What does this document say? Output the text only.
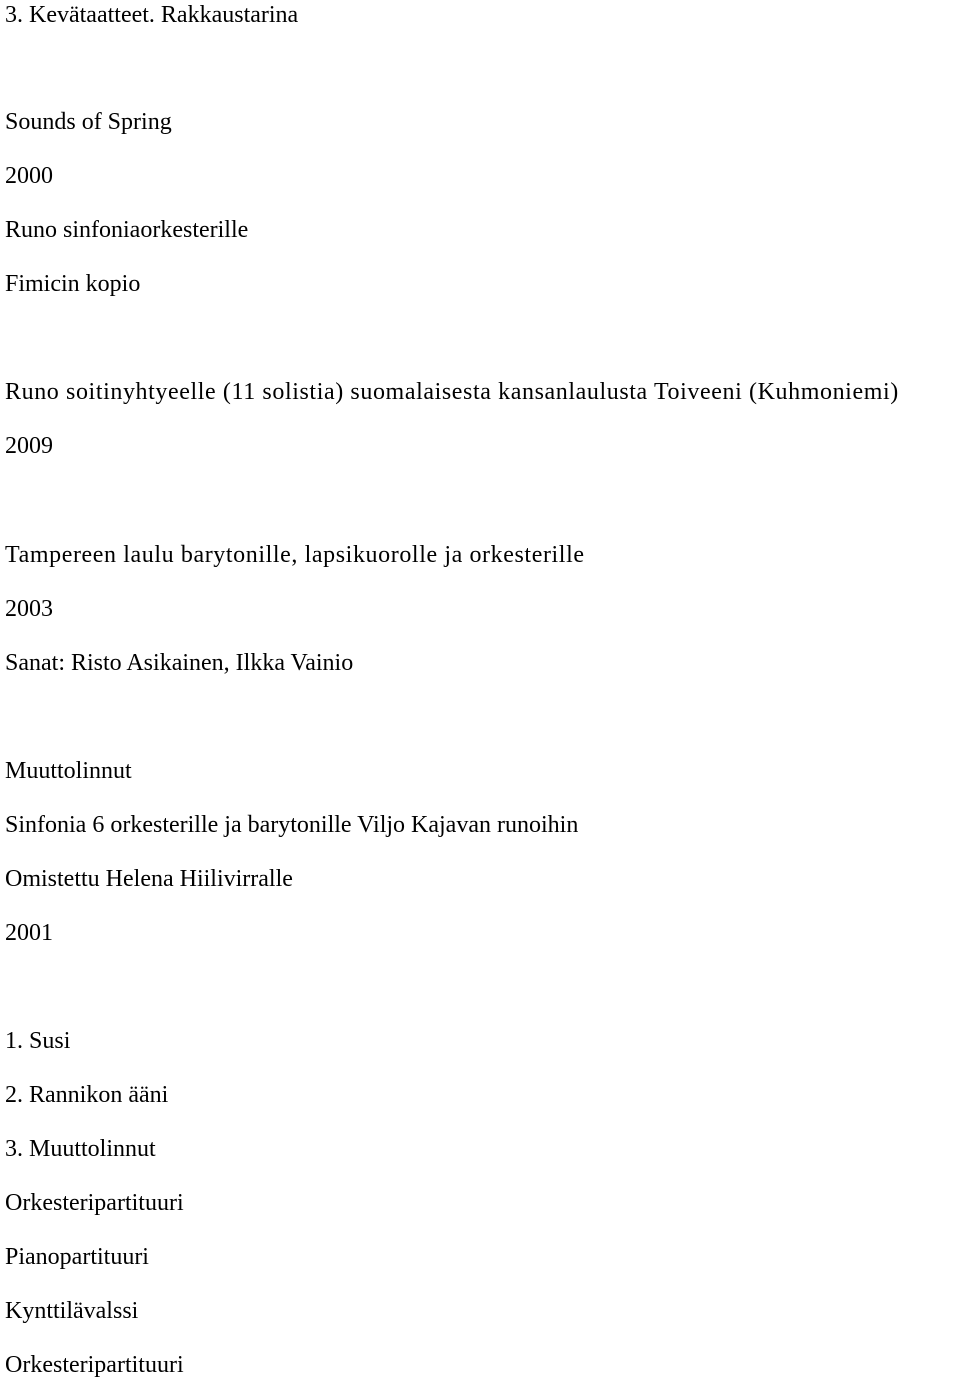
3. Kevätaatteet. Rakkaustarina

Sounds of Spring

2000

Runo sinfoniaorkesterille

Fimicin kopio

Runo soitinyhtyeelle (11 solistia) suomalaisesta kansanlaulusta Toiveeni (Kuhmoniemi)

2009

Tampereen laulu barytonille, lapsikuorolle ja orkesterille

2003

Sanat: Risto Asikainen, Ilkka Vainio

Muuttolinnut

Sinfonia 6 orkesterille ja barytonille Viljo Kajavan runoihin

Omistettu Helena Hiilivirralle

2001

1. Susi

2. Rannikon ääni

3. Muuttolinnut

Orkesteripartituuri

Pianopartituuri

Kynttilävalssi

Orkesteripartituuri
